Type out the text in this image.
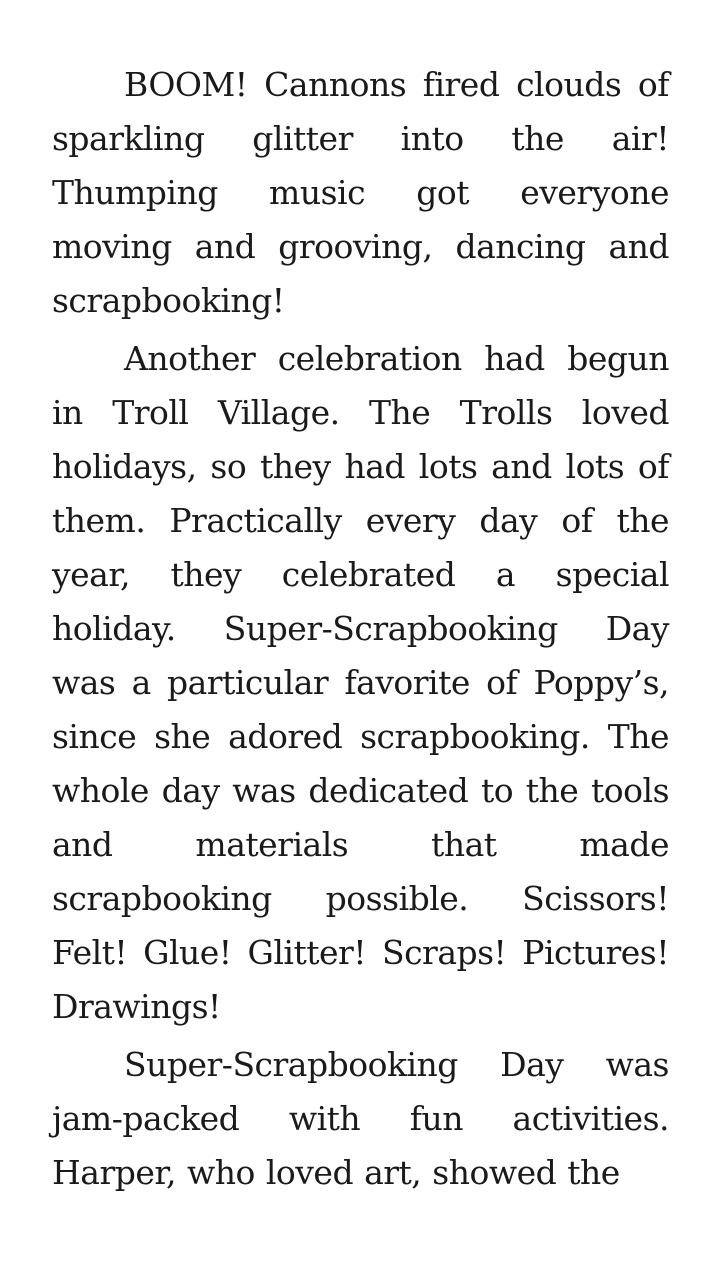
BOOM! Cannons fired clouds of sparkling glitter into the air! Thumping music got everyone moving and grooving, dancing and scrapbooking!

Another celebration had begun in Troll Village. The Trolls loved holidays, so they had lots and lots of them. Practically every day of the year, they celebrated a special holiday. Super-Scrapbooking Day was a particular favorite of Poppy’s, since she adored scrapbooking. The whole day was dedicated to the tools and materials that made scrapbooking possible. Scissors! Felt! Glue! Glitter! Scraps! Pictures! Drawings!

Super-Scrapbooking Day was jam-packed with fun activities. Harper, who loved art, showed the
